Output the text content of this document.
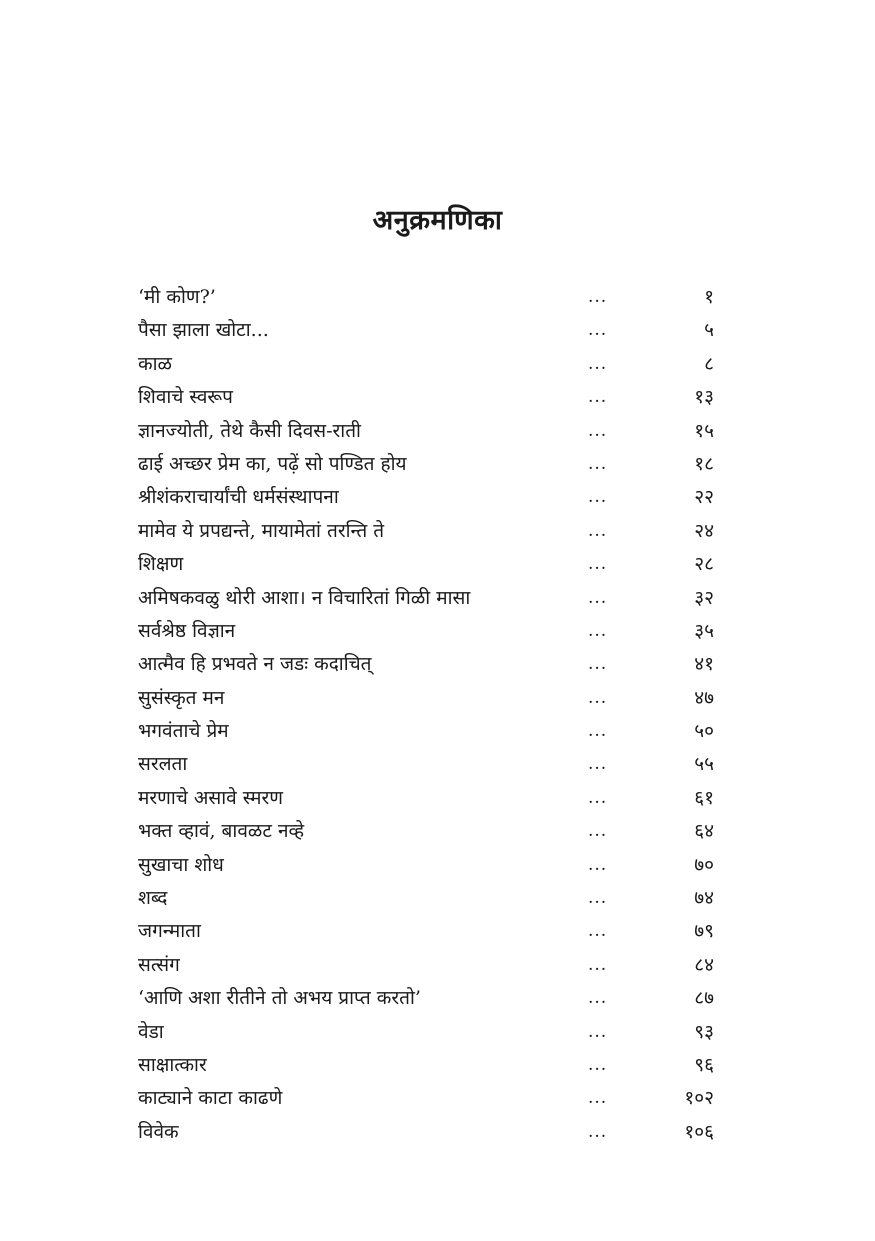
अनुक्रमणिका
‘मी कोण?’	...	१
पैसा झाला खोटा...	...	५
काळ	...	८
शिवाचे स्वरूप	...	१३
ज्ञानज्योती, तेथे कैसी दिवस-राती	...	१५
ढाई अच्छर प्रेम का, पढ़ें सो पण्डित होय	...	१८
श्रीशंकराचार्यांची धर्मसंस्थापना	...	२२
मामेव ये प्रपद्यन्ते, मायामेतां तरन्ति ते	...	२४
शिक्षण	...	२८
अमिषकवळु थोरी आशा। न विचारितां गिळी मासा	...	३२
सर्वश्रेष्ठ विज्ञान	...	३५
आत्मैव हि प्रभवते न जडः कदाचित्	...	४१
सुसंस्कृत मन	...	४७
भगवंताचे प्रेम	...	५०
सरलता	...	५५
मरणाचे असावे स्मरण	...	६१
भक्त व्हावं, बावळट नव्हे	...	६४
सुखाचा शोध	...	७०
शब्द	...	७४
जगन्माता	...	७९
सत्संग	...	८४
‘आणि अशा रीतीने तो अभय प्राप्त करतो’	...	८७
वेडा	...	९३
साक्षात्कार	...	९६
काट्याने काटा काढणे	...	१०२
विवेक	...	१०६
